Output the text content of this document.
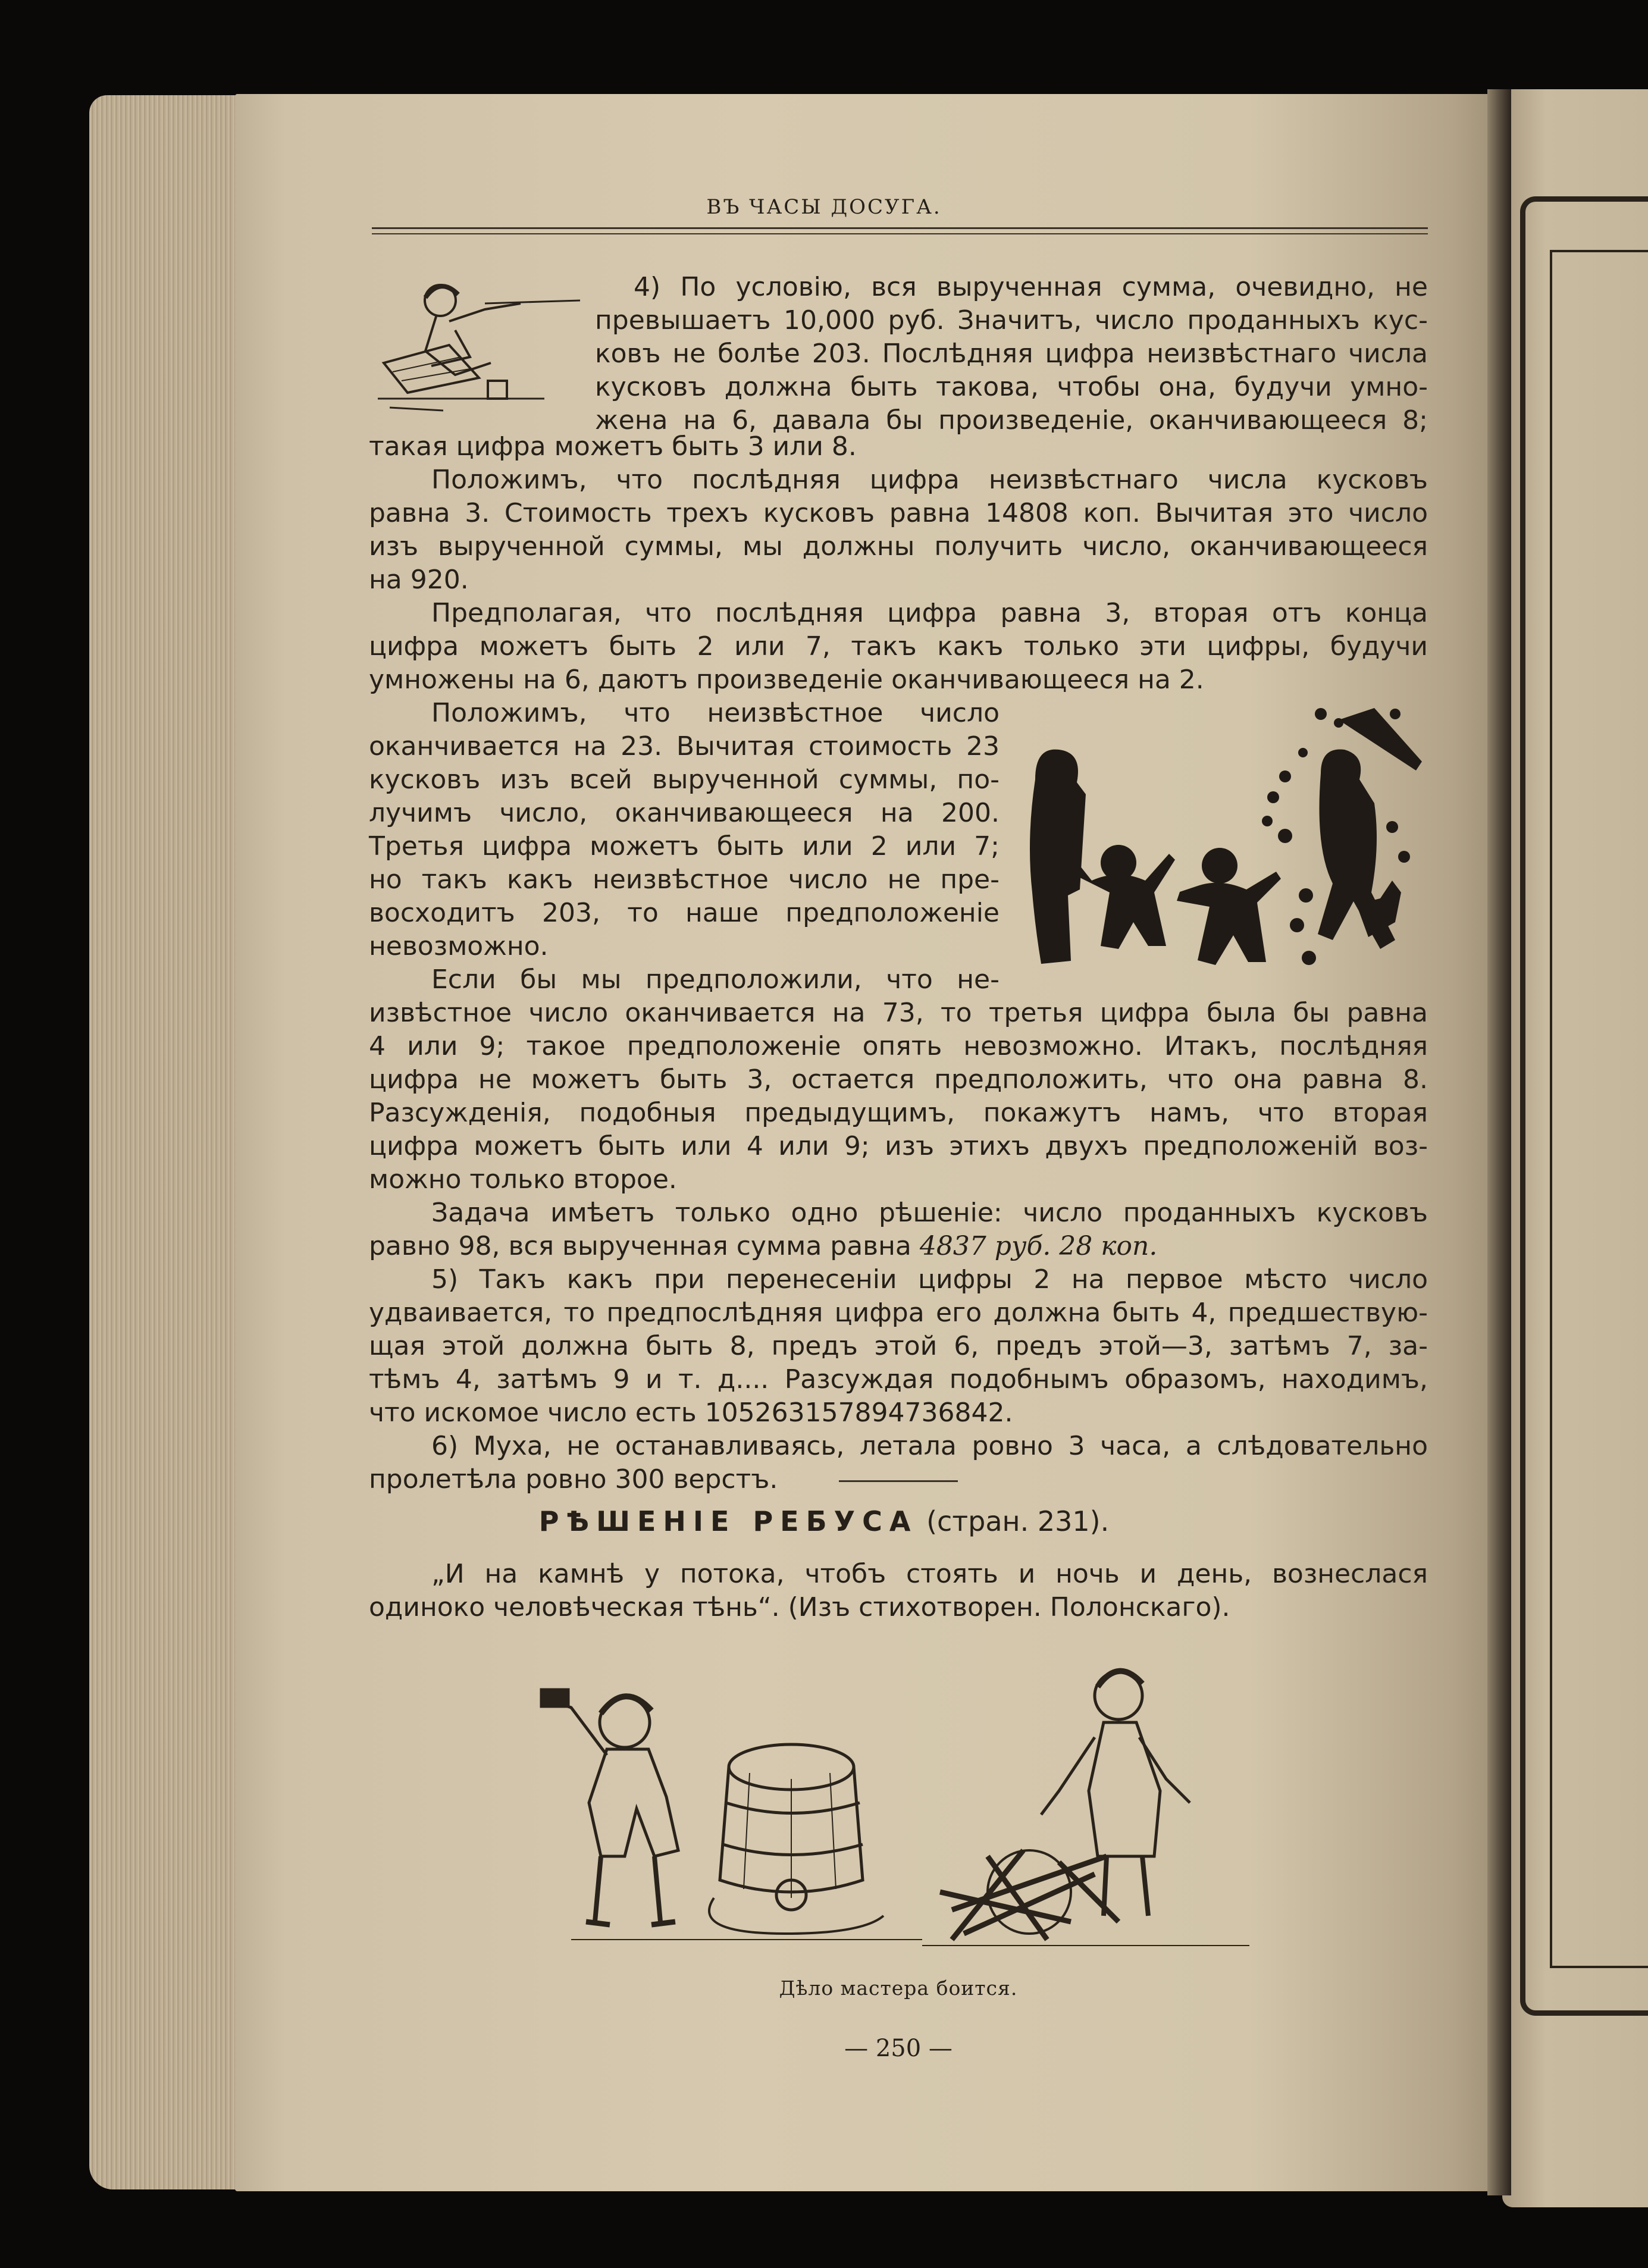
ВЪ ЧАСЫ ДОСУГА.
4) По условію, вся вырученная сумма, очевидно, не
превышаетъ 10,000 руб. Значитъ, число проданныхъ кус-
ковъ не болѣе 203. Послѣдняя цифра неизвѣстнаго числа
кусковъ должна быть такова, чтобы она, будучи умно-
жена на 6, давала бы произведеніе, оканчивающееся 8;
такая цифра можетъ быть 3 или 8.
Положимъ, что послѣдняя цифра неизвѣстнаго числа кусковъ
равна 3. Стоимость трехъ кусковъ равна 14808 коп. Вычитая это число
изъ вырученной суммы, мы должны получить число, оканчивающееся
на 920.
Предполагая, что послѣдняя цифра равна 3, вторая отъ конца
цифра можетъ быть 2 или 7, такъ какъ только эти цифры, будучи
умножены на 6, даютъ произведеніе оканчивающееся на 2.
Положимъ, что неизвѣстное число
оканчивается на 23. Вычитая стоимость 23
кусковъ изъ всей вырученной суммы, по-
лучимъ число, оканчивающееся на 200.
Третья цифра можетъ быть или 2 или 7;
но такъ какъ неизвѣстное число не пре-
восходитъ 203, то наше предположеніе
невозможно.
Если бы мы предположили, что не-
извѣстное число оканчивается на 73, то третья цифра была бы равна
4 или 9; такое предположеніе опять невозможно. Итакъ, послѣдняя
цифра не можетъ быть 3, остается предположить, что она равна 8.
Разсужденія, подобныя предыдущимъ, покажутъ намъ, что вторая
цифра можетъ быть или 4 или 9; изъ этихъ двухъ предположеній воз-
можно только второе.
Задача имѣетъ только одно рѣшеніе: число проданныхъ кусковъ
равно 98, вся вырученная сумма равна 4837 руб. 28 коп.
5) Такъ какъ при перенесеніи цифры 2 на первое мѣсто число
удваивается, то предпослѣдняя цифра его должна быть 4, предшествую-
щая этой должна быть 8, предъ этой 6, предъ этой—3, затѣмъ 7, за-
тѣмъ 4, затѣмъ 9 и т. д.... Разсуждая подобнымъ образомъ, находимъ,
что искомое число есть 105263157894736842.
6) Муха, не останавливаясь, летала ровно 3 часа, а слѣдовательно
пролетѣла ровно 300 верстъ.
РѢШЕНІЕ РЕБУСА (стран. 231).
„И на камнѣ у потока, чтобъ стоять и ночь и день, вознеслася
одиноко человѣческая тѣнь“. (Изъ стихотворен. Полонскаго).
Дѣло мастера боится.
— 250 —
